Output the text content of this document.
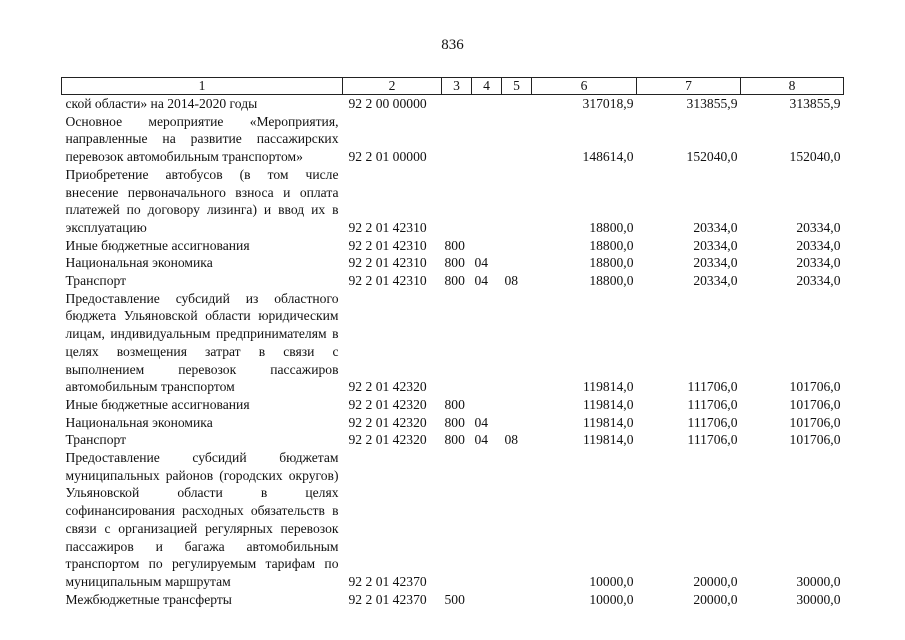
836
1	2	3	4	5	6	7	8
ской области» на 2014-2020 годы	92 2 00 00000				317018,9	313855,9	313855,9
Основное мероприятие «Мероприятия, направленные на развитие пассажирских перевозок автомобильным транспортом»	92 2 01 00000				148614,0	152040,0	152040,0
Приобретение автобусов (в том числе внесение первоначального взноса и оплата платежей по договору лизинга) и ввод их в эксплуатацию	92 2 01 42310				18800,0	20334,0	20334,0
Иные бюджетные ассигнования	92 2 01 42310	800			18800,0	20334,0	20334,0
Национальная экономика	92 2 01 42310	800	04		18800,0	20334,0	20334,0
Транспорт	92 2 01 42310	800	04	08	18800,0	20334,0	20334,0
Предоставление субсидий из областного бюджета Ульяновской области юридическим лицам, индивидуальным предпринимателям в целях возмещения затрат в связи с выполнением перевозок пассажиров автомобильным транспортом	92 2 01 42320				119814,0	111706,0	101706,0
Иные бюджетные ассигнования	92 2 01 42320	800			119814,0	111706,0	101706,0
Национальная экономика	92 2 01 42320	800	04		119814,0	111706,0	101706,0
Транспорт	92 2 01 42320	800	04	08	119814,0	111706,0	101706,0
Предоставление субсидий бюджетам муниципальных районов (городских округов) Ульяновской области в целях софинансирования расходных обязательств в связи с организацией регулярных перевозок пассажиров и багажа автомобильным транспортом по регулируемым тарифам по муниципальным маршрутам	92 2 01 42370				10000,0	20000,0	30000,0
Межбюджетные трансферты	92 2 01 42370	500			10000,0	20000,0	30000,0
